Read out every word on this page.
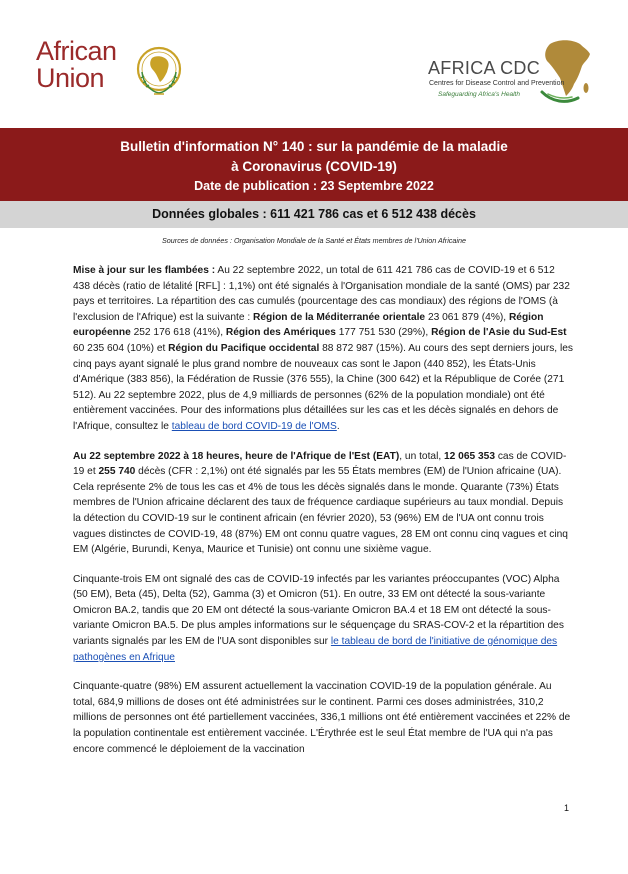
African
Union	AFRICA CDC
Centres for Disease Control and Prevention
Safeguarding Africa's Health
Bulletin d'information N° 140 : sur la pandémie de la maladie
à Coronavirus (COVID-19)
Date de publication : 23 Septembre 2022
Données globales : 611 421 786 cas et 6 512 438 décès
Sources de données : Organisation Mondiale de la Santé et États membres de l'Union Africaine

Mise à jour sur les flambées : Au 22 septembre 2022, un total de 611 421 786 cas de COVID-19 et 6 512 438 décès (ratio de létalité [RFL] : 1,1%) ont été signalés à l'Organisation mondiale de la santé (OMS) par 232 pays et territoires. La répartition des cas cumulés (pourcentage des cas mondiaux) des régions de l'OMS (à l'exclusion de l'Afrique) est la suivante : Région de la Méditerranée orientale 23 061 879 (4%), Région européenne 252 176 618 (41%), Région des Amériques 177 751 530 (29%), Région de l'Asie du Sud-Est 60 235 604 (10%) et Région du Pacifique occidental 88 872 987 (15%). Au cours des sept derniers jours, les cinq pays ayant signalé le plus grand nombre de nouveaux cas sont le Japon (440 852), les États-Unis d'Amérique (383 856), la Fédération de Russie (376 555), la Chine (300 642) et la République de Corée (271 512). Au 22 septembre 2022, plus de 4,9 milliards de personnes (62% de la population mondiale) ont été entièrement vaccinées. Pour des informations plus détaillées sur les cas et les décès signalés en dehors de l'Afrique, consultez le tableau de bord COVID-19 de l'OMS.

Au 22 septembre 2022 à 18 heures, heure de l'Afrique de l'Est (EAT), un total, 12 065 353 cas de COVID-19 et 255 740 décès (CFR : 2,1%) ont été signalés par les 55 États membres (EM) de l'Union africaine (UA). Cela représente 2% de tous les cas et 4% de tous les décès signalés dans le monde. Quarante (73%) États membres de l'Union africaine déclarent des taux de fréquence cardiaque supérieurs au taux mondial. Depuis la détection du COVID-19 sur le continent africain (en février 2020), 53 (96%) EM de l'UA ont connu trois vagues distinctes de COVID-19, 48 (87%) EM ont connu quatre vagues, 28 EM ont connu cinq vagues et cinq EM (Algérie, Burundi, Kenya, Maurice et Tunisie) ont connu une sixième vague.

Cinquante-trois EM ont signalé des cas de COVID-19 infectés par les variantes préoccupantes (VOC) Alpha (50 EM), Beta (45), Delta (52), Gamma (3) et Omicron (51). En outre, 33 EM ont détecté la sous-variante Omicron BA.2, tandis que 20 EM ont détecté la sous-variante Omicron BA.4 et 18 EM ont détecté la sous-variante Omicron BA.5. De plus amples informations sur le séquençage du SRAS-COV-2 et la répartition des variants signalés par les EM de l'UA sont disponibles sur le tableau de bord de l'initiative de génomique des pathogènes en Afrique

Cinquante-quatre (98%) EM assurent actuellement la vaccination COVID-19 de la population générale. Au total, 684,9 millions de doses ont été administrées sur le continent. Parmi ces doses administrées, 310,2 millions de personnes ont été partiellement vaccinées, 336,1 millions ont été entièrement vaccinées et 22% de la population continentale est entièrement vaccinée. L'Érythrée est le seul État membre de l'UA qui n'a pas encore commencé le déploiement de la vaccination

1
